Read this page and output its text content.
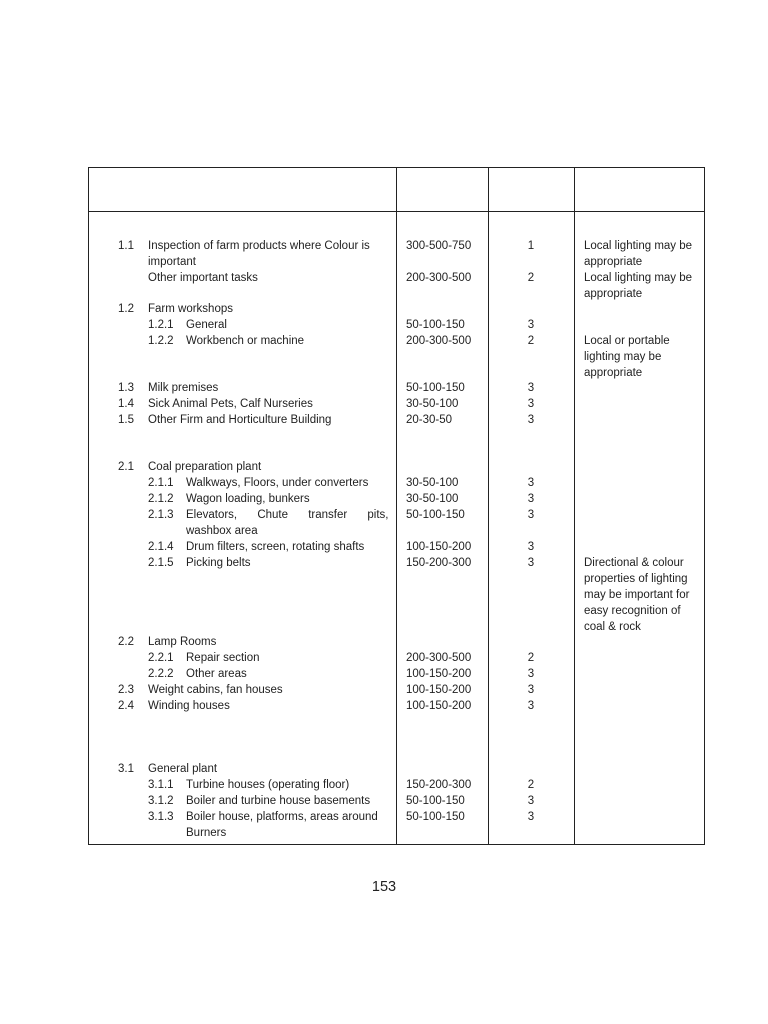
1.1 Inspection of farm products where Colour is	300-500-750	1	Local lighting may be
important	appropriate
Other important tasks	200-300-500	2	Local lighting may be
appropriate
1.2 Farm workshops
1.2.1 General	50-100-150	3
1.2.2 Workbench or machine	200-300-500	2	Local or portable
lighting may be
appropriate
1.3 Milk premises	50-100-150	3
1.4 Sick Animal Pets, Calf Nurseries	30-50-100	3
1.5 Other Firm and Horticulture Building	20-30-50	3
2.1 Coal preparation plant
2.1.1 Walkways, Floors, under converters	30-50-100	3
2.1.2 Wagon loading, bunkers	30-50-100	3
2.1.3 Elevators, Chute transfer pits, 50-100-150	3
washbox area
2.1.4 Drum filters, screen, rotating shafts	100-150-200	3
2.1.5 Picking belts	150-200-300	3	Directional & colour
properties of lighting
may be important for
easy recognition of
coal & rock
2.2 Lamp Rooms
2.2.1 Repair section	200-300-500	2
2.2.2 Other areas	100-150-200	3
2.3 Weight cabins, fan houses	100-150-200	3
2.4 Winding houses	100-150-200	3
3.1 General plant
3.1.1 Turbine houses (operating floor)	150-200-300	2
3.1.2 Boiler and turbine house basements	50-100-150	3
3.1.3 Boiler house, platforms, areas around 50-100-150	3
Burners
153
